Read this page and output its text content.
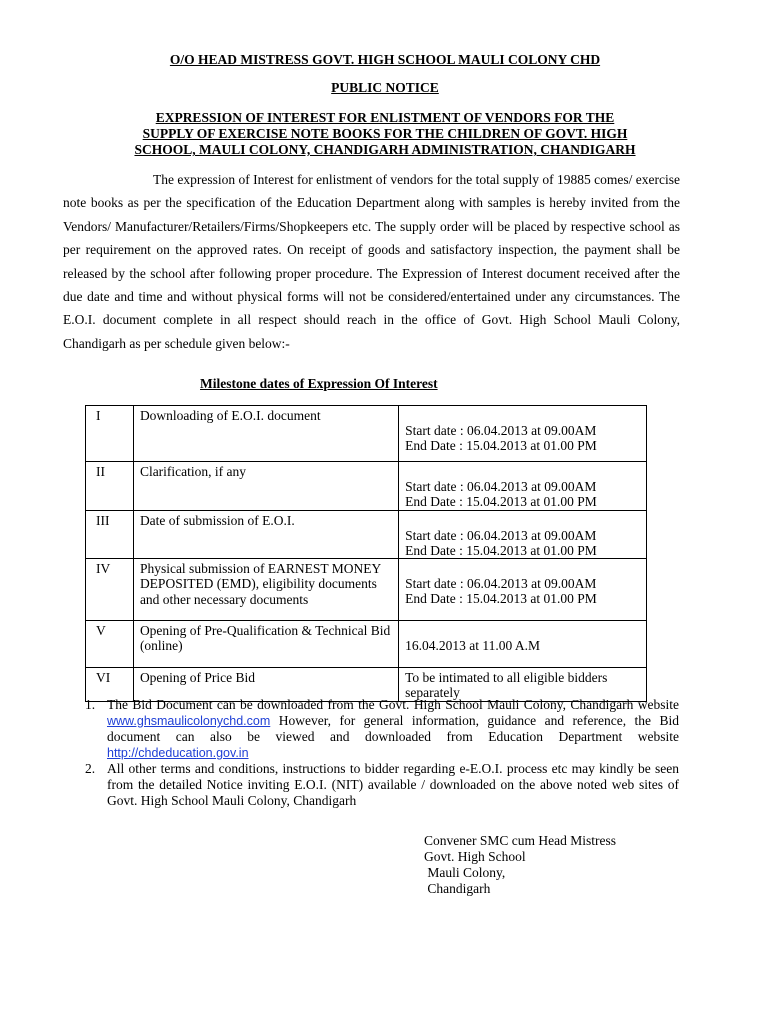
O/O HEAD MISTRESS GOVT. HIGH SCHOOL MAULI COLONY CHD
PUBLIC NOTICE
EXPRESSION OF INTEREST FOR ENLISTMENT OF VENDORS FOR THE
SUPPLY OF EXERCISE NOTE BOOKS FOR THE CHILDREN OF GOVT. HIGH
SCHOOL, MAULI COLONY, CHANDIGARH ADMINISTRATION, CHANDIGARH
The expression of Interest for enlistment of vendors for the total supply of 19885 comes/ exercise note books as per the specification of the Education Department along with samples is hereby invited from the Vendors/ Manufacturer/Retailers/Firms/Shopkeepers etc. The supply order will be placed by respective school as per requirement on the approved rates. On receipt of goods and satisfactory inspection, the payment shall be released by the school after following proper procedure. The Expression of Interest document received after the due date and time and without physical forms will not be considered/entertained under any circumstances. The E.O.I. document complete in all respect should reach in the office of Govt. High School Mauli Colony, Chandigarh as per schedule given below:-
Milestone dates of Expression Of Interest
I	Downloading of E.O.I. document	Start date : 06.04.2013 at 09.00AM
End Date : 15.04.2013 at 01.00 PM

II	Clarification, if any	Start date : 06.04.2013 at 09.00AM
End Date : 15.04.2013 at 01.00 PM

III	Date of submission of E.O.I.	Start date : 06.04.2013 at 09.00AM
End Date : 15.04.2013 at 01.00 PM

IV	Physical submission of EARNEST MONEY DEPOSITED (EMD), eligibility documents and other necessary documents	Start date : 06.04.2013 at 09.00AM
End Date : 15.04.2013 at 01.00 PM

V	Opening of Pre-Qualification & Technical Bid (online)	16.04.2013 at 11.00 A.M

VI	Opening of Price Bid	To be intimated to all eligible bidders separately
1. The Bid Document can be downloaded from the Govt. High School Mauli Colony, Chandigarh website www.ghsmaulicolonychd.com However, for general information, guidance and reference, the Bid document can also be viewed and downloaded from Education Department website http://chdeducation.gov.in
2. All other terms and conditions, instructions to bidder regarding e-E.O.I. process etc may kindly be seen from the detailed Notice inviting E.O.I. (NIT) available / downloaded on the above noted web sites of Govt. High School Mauli Colony, Chandigarh
Convener SMC cum Head Mistress
Govt. High School
Mauli Colony,
Chandigarh
